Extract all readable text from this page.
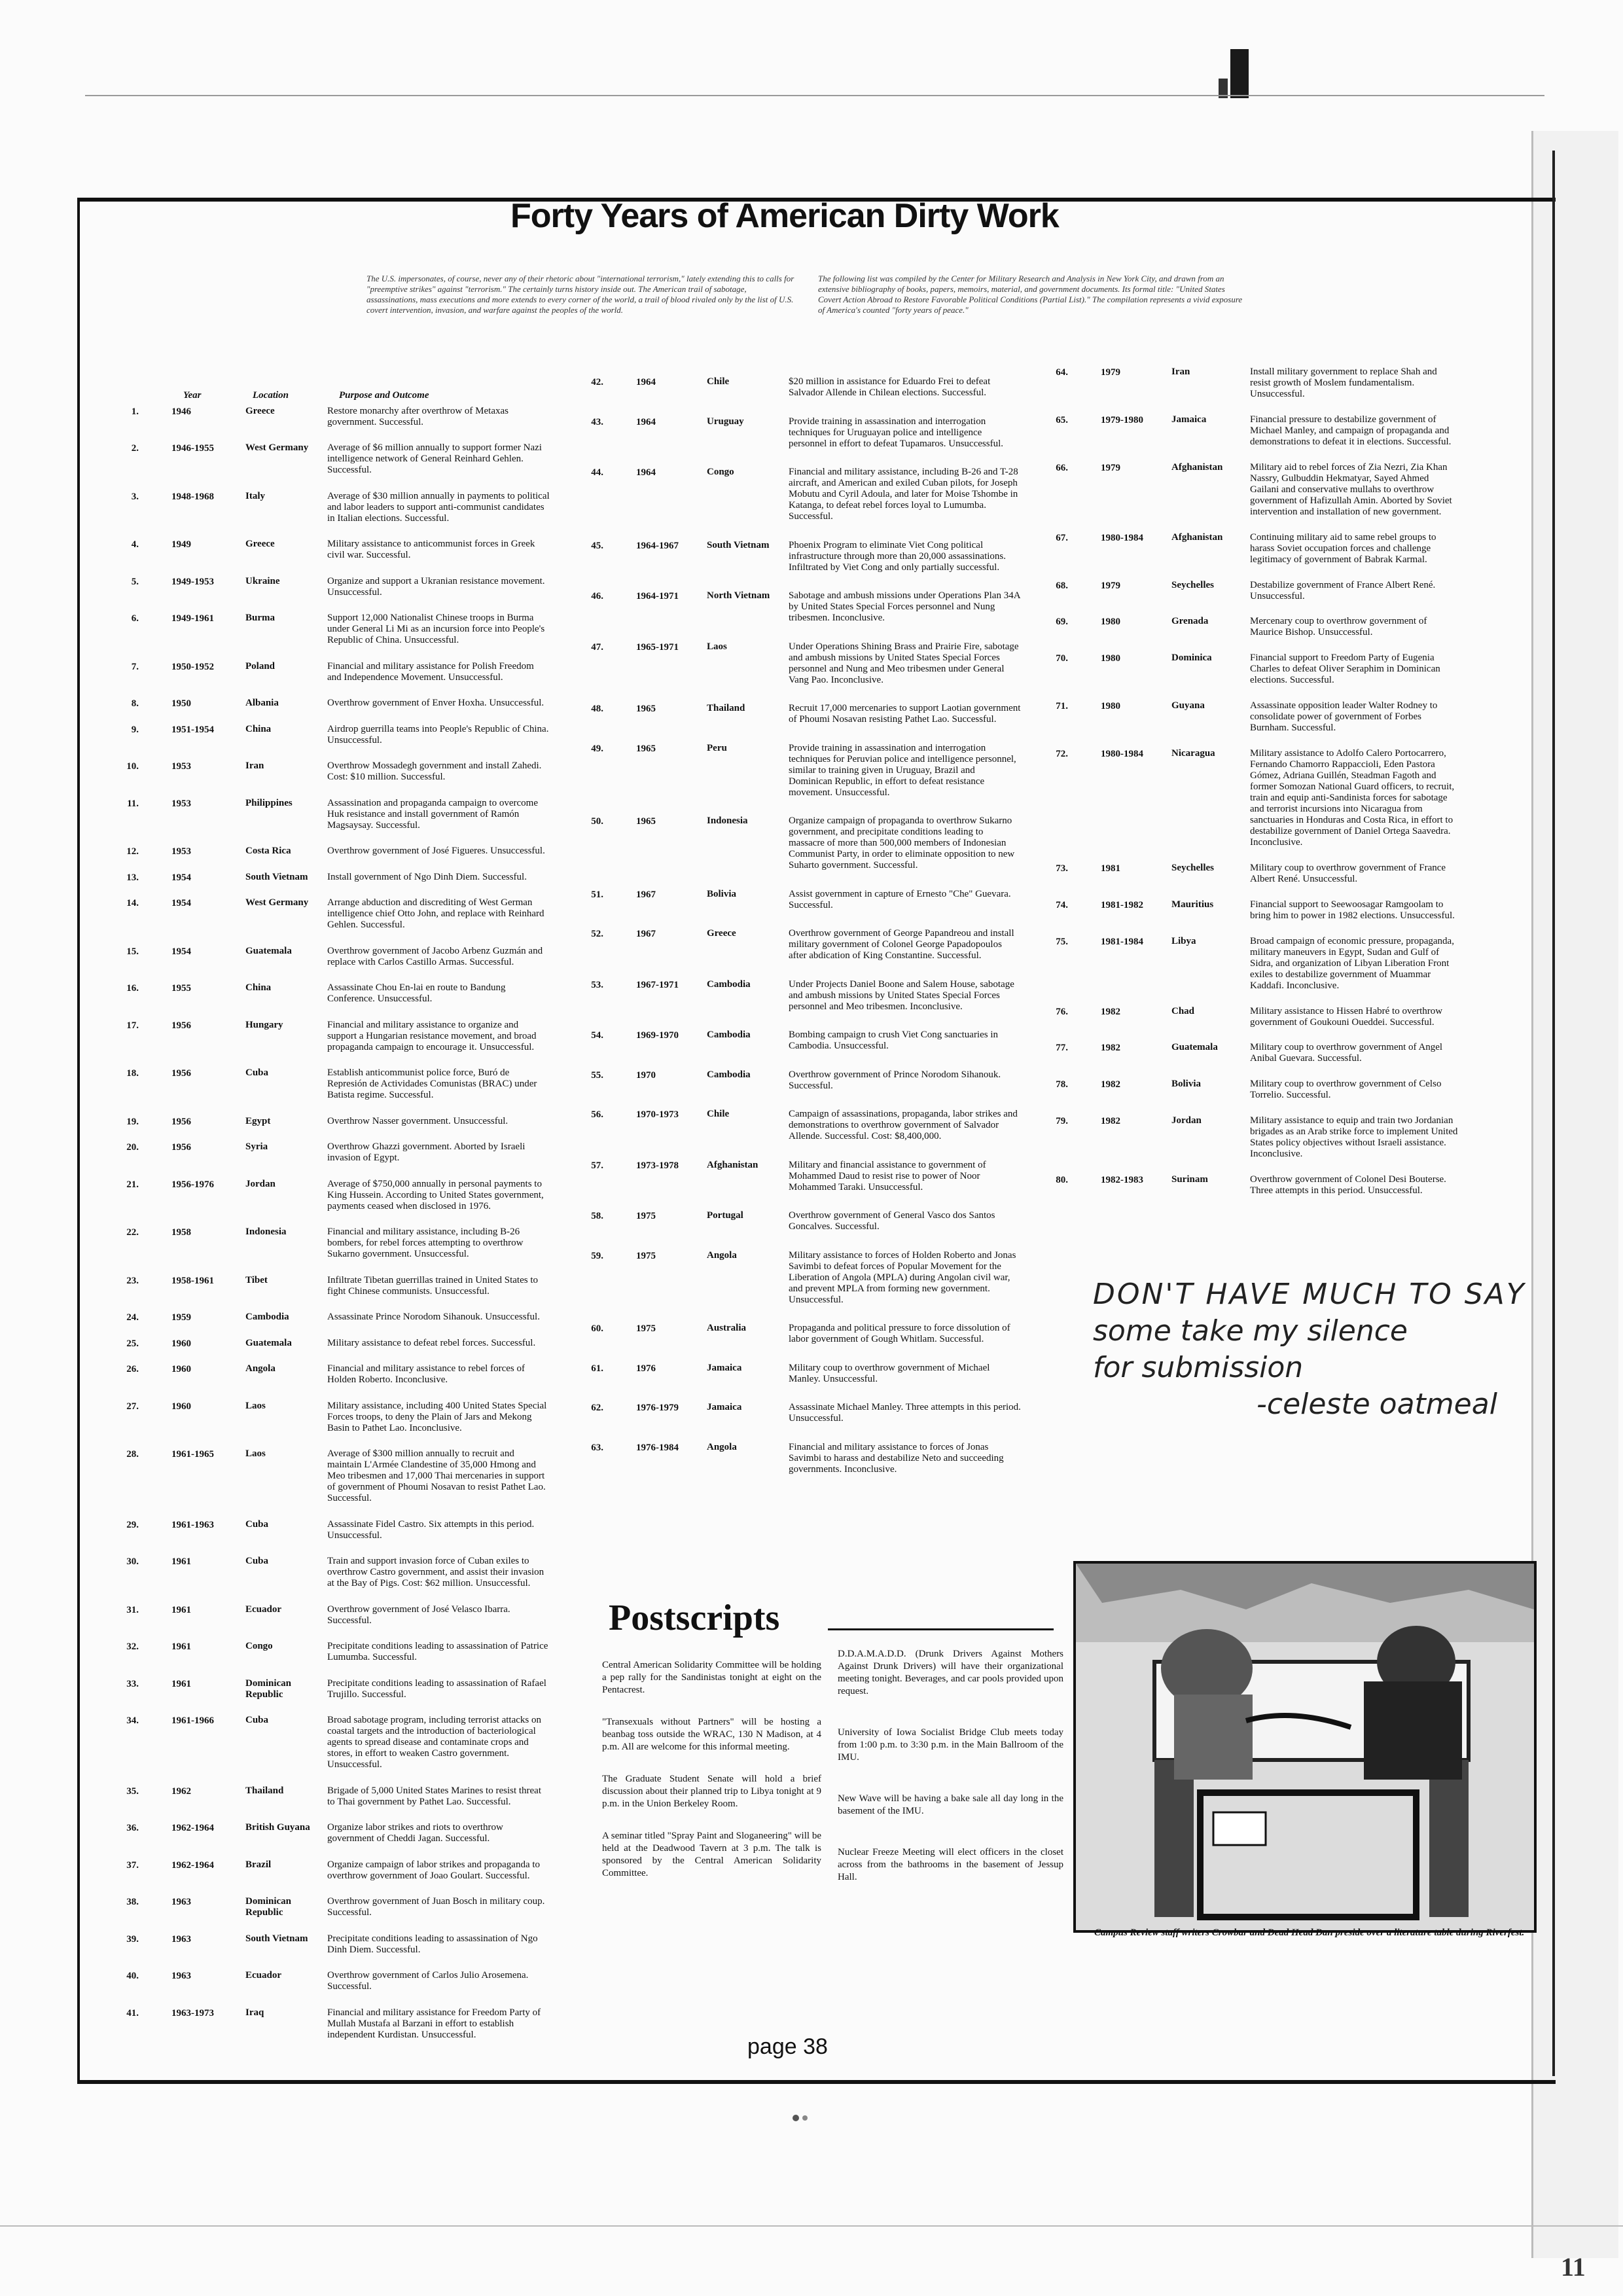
Forty Years of American Dirty Work
The U.S. impersonates, of course, never any of their rhetoric about "international terrorism," lately extending this to calls for "preemptive strikes" against "terrorism." The certainly turns history inside out. The American trail of sabotage, assassinations, mass executions and more extends to every corner of the world, a trail of blood rivaled only by the list of U.S. covert intervention, invasion, and warfare against the peoples of the world.
The following list was compiled by the Center for Military Research and Analysis in New York City, and drawn from an extensive bibliography of books, papers, memoirs, material, and government documents. Its formal title: "United States Covert Action Abroad to Restore Favorable Political Conditions (Partial List)." The compilation represents a vivid exposure of America's counted "forty years of peace."
Year	Location	Purpose and Outcome
1.	1946	Greece	Restore monarchy after overthrow of Metaxas government. Successful.
2.	1946-1955	West Germany	Average of $6 million annually to support former Nazi intelligence network of General Reinhard Gehlen. Successful.
3.	1948-1968	Italy	Average of $30 million annually in payments to political and labor leaders to support anti-communist candidates in Italian elections. Successful.
4.	1949	Greece	Military assistance to anticommunist forces in Greek civil war. Successful.
5.	1949-1953	Ukraine	Organize and support a Ukranian resistance movement. Unsuccessful.
6.	1949-1961	Burma	Support 12,000 Nationalist Chinese troops in Burma under General Li Mi as an incursion force into People's Republic of China. Unsuccessful.
7.	1950-1952	Poland	Financial and military assistance for Polish Freedom and Independence Movement. Unsuccessful.
8.	1950	Albania	Overthrow government of Enver Hoxha. Unsuccessful.
9.	1951-1954	China	Airdrop guerrilla teams into People's Republic of China. Unsuccessful.
10.	1953	Iran	Overthrow Mossadegh government and install Zahedi. Cost: $10 million. Successful.
11.	1953	Philippines	Assassination and propaganda campaign to overcome Huk resistance and install government of Ramón Magsaysay. Successful.
12.	1953	Costa Rica	Overthrow government of José Figueres. Unsuccessful.
13.	1954	South Vietnam	Install government of Ngo Dinh Diem. Successful.
14.	1954	West Germany	Arrange abduction and discrediting of West German intelligence chief Otto John, and replace with Reinhard Gehlen. Successful.
15.	1954	Guatemala	Overthrow government of Jacobo Arbenz Guzmán and replace with Carlos Castillo Armas. Successful.
16.	1955	China	Assassinate Chou En-lai en route to Bandung Conference. Unsuccessful.
17.	1956	Hungary	Financial and military assistance to organize and support a Hungarian resistance movement, and broad propaganda campaign to encourage it. Unsuccessful.
18.	1956	Cuba	Establish anticommunist police force, Buró de Represión de Actividades Comunistas (BRAC) under Batista regime. Successful.
19.	1956	Egypt	Overthrow Nasser government. Unsuccessful.
20.	1956	Syria	Overthrow Ghazzi government. Aborted by Israeli invasion of Egypt.
21.	1956-1976	Jordan	Average of $750,000 annually in personal payments to King Hussein. According to United States government, payments ceased when disclosed in 1976.
22.	1958	Indonesia	Financial and military assistance, including B-26 bombers, for rebel forces attempting to overthrow Sukarno government. Unsuccessful.
23.	1958-1961	Tibet	Infiltrate Tibetan guerrillas trained in United States to fight Chinese communists. Unsuccessful.
24.	1959	Cambodia	Assassinate Prince Norodom Sihanouk. Unsuccessful.
25.	1960	Guatemala	Military assistance to defeat rebel forces. Successful.
26.	1960	Angola	Financial and military assistance to rebel forces of Holden Roberto. Inconclusive.
27.	1960	Laos	Military assistance, including 400 United States Special Forces troops, to deny the Plain of Jars and Mekong Basin to Pathet Lao. Inconclusive.
28.	1961-1965	Laos	Average of $300 million annually to recruit and maintain L'Armée Clandestine of 35,000 Hmong and Meo tribesmen and 17,000 Thai mercenaries in support of government of Phoumi Nosavan to resist Pathet Lao. Successful.
29.	1961-1963	Cuba	Assassinate Fidel Castro. Six attempts in this period. Unsuccessful.
30.	1961	Cuba	Train and support invasion force of Cuban exiles to overthrow Castro government, and assist their invasion at the Bay of Pigs. Cost: $62 million. Unsuccessful.
31.	1961	Ecuador	Overthrow government of José Velasco Ibarra. Successful.
32.	1961	Congo	Precipitate conditions leading to assassination of Patrice Lumumba. Successful.
33.	1961	Dominican Republic
Precipitate conditions leading to assassination of Rafael Trujillo. Successful.
34.	1961-1966	Cuba	Broad sabotage program, including terrorist attacks on coastal targets and the introduction of bacteriological agents to spread disease and contaminate crops and stores, in effort to weaken Castro government. Unsuccessful.
35.	1962	Thailand	Brigade of 5,000 United States Marines to resist threat to Thai government by Pathet Lao. Successful.
36.	1962-1964	British Guyana	Organize labor strikes and riots to overthrow government of Cheddi Jagan. Successful.
37.	1962-1964	Brazil	Organize campaign of labor strikes and propaganda to overthrow government of Joao Goulart. Successful.
38.	1963	Dominican Republic
Overthrow government of Juan Bosch in military coup. Successful.
39.	1963	South Vietnam	Precipitate conditions leading to assassination of Ngo Dinh Diem. Successful.
40.	1963	Ecuador	Overthrow government of Carlos Julio Arosemena. Successful.
41.	1963-1973	Iraq	Financial and military assistance for Freedom Party of Mullah Mustafa al Barzani in effort to establish independent Kurdistan. Unsuccessful.
42.	1964	Chile	$20 million in assistance for Eduardo Frei to defeat Salvador Allende in Chilean elections. Successful.
43.	1964	Uruguay	Provide training in assassination and interrogation techniques for Uruguayan police and intelligence personnel in effort to defeat Tupamaros. Unsuccessful.
44.	1964	Congo	Financial and military assistance, including B-26 and T-28 aircraft, and American and exiled Cuban pilots, for Joseph Mobutu and Cyril Adoula, and later for Moise Tshombe in Katanga, to defeat rebel forces loyal to Lumumba. Successful.
45.	1964-1967	South Vietnam	Phoenix Program to eliminate Viet Cong political infrastructure through more than 20,000 assassinations. Infiltrated by Viet Cong and only partially successful.
46.	1964-1971	North Vietnam	Sabotage and ambush missions under Operations Plan 34A by United States Special Forces personnel and Nung tribesmen. Inconclusive.
47.	1965-1971	Laos	Under Operations Shining Brass and Prairie Fire, sabotage and ambush missions by United States Special Forces personnel and Nung and Meo tribesmen under General Vang Pao. Inconclusive.
48.	1965	Thailand	Recruit 17,000 mercenaries to support Laotian government of Phoumi Nosavan resisting Pathet Lao. Successful.
49.	1965	Peru	Provide training in assassination and interrogation techniques for Peruvian police and intelligence personnel, similar to training given in Uruguay, Brazil and Dominican Republic, in effort to defeat resistance movement. Unsuccessful.
50.	1965	Indonesia	Organize campaign of propaganda to overthrow Sukarno government, and precipitate conditions leading to massacre of more than 500,000 members of Indonesian Communist Party, in order to eliminate opposition to new Suharto government. Successful.
51.	1967	Bolivia	Assist government in capture of Ernesto "Che" Guevara. Successful.
52.	1967	Greece	Overthrow government of George Papandreou and install military government of Colonel George Papadopoulos after abdication of King Constantine. Successful.
53.	1967-1971	Cambodia	Under Projects Daniel Boone and Salem House, sabotage and ambush missions by United States Special Forces personnel and Meo tribesmen. Inconclusive.
54.	1969-1970	Cambodia	Bombing campaign to crush Viet Cong sanctuaries in Cambodia. Unsuccessful.
55.	1970	Cambodia	Overthrow government of Prince Norodom Sihanouk. Successful.
56.	1970-1973	Chile	Campaign of assassinations, propaganda, labor strikes and demonstrations to overthrow government of Salvador Allende. Successful. Cost: $8,400,000.
57.	1973-1978	Afghanistan	Military and financial assistance to government of Mohammed Daud to resist rise to power of Noor Mohammed Taraki. Unsuccessful.
58.	1975	Portugal	Overthrow government of General Vasco dos Santos Goncalves. Successful.
59.	1975	Angola	Military assistance to forces of Holden Roberto and Jonas Savimbi to defeat forces of Popular Movement for the Liberation of Angola (MPLA) during Angolan civil war, and prevent MPLA from forming new government. Unsuccessful.
60.	1975	Australia	Propaganda and political pressure to force dissolution of labor government of Gough Whitlam. Successful.
61.	1976	Jamaica	Military coup to overthrow government of Michael Manley. Unsuccessful.
62.	1976-1979	Jamaica	Assassinate Michael Manley. Three attempts in this period. Unsuccessful.
63.	1976-1984	Angola	Financial and military assistance to forces of Jonas Savimbi to harass and destabilize Neto and succeeding governments. Inconclusive.
64.	1979	Iran	Install military government to replace Shah and resist growth of Moslem fundamentalism. Unsuccessful.
65.	1979-1980	Jamaica	Financial pressure to destabilize government of Michael Manley, and campaign of propaganda and demonstrations to defeat it in elections. Successful.
66.	1979	Afghanistan	Military aid to rebel forces of Zia Nezri, Zia Khan Nassry, Gulbuddin Hekmatyar, Sayed Ahmed Gailani and conservative mullahs to overthrow government of Hafizullah Amin. Aborted by Soviet intervention and installation of new government.
67.	1980-1984	Afghanistan	Continuing military aid to same rebel groups to harass Soviet occupation forces and challenge legitimacy of government of Babrak Karmal.
68.	1979	Seychelles	Destabilize government of France Albert René. Unsuccessful.
69.	1980	Grenada	Mercenary coup to overthrow government of Maurice Bishop. Unsuccessful.
70.	1980	Dominica	Financial support to Freedom Party of Eugenia Charles to defeat Oliver Seraphim in Dominican elections. Successful.
71.	1980	Guyana	Assassinate opposition leader Walter Rodney to consolidate power of government of Forbes Burnham. Successful.
72.	1980-1984	Nicaragua	Military assistance to Adolfo Calero Portocarrero, Fernando Chamorro Rappaccioli, Eden Pastora Gómez, Adriana Guillén, Steadman Fagoth and former Somozan National Guard officers, to recruit, train and equip anti-Sandinista forces for sabotage and terrorist incursions into Nicaragua from sanctuaries in Honduras and Costa Rica, in effort to destabilize government of Daniel Ortega Saavedra. Inconclusive.
73.	1981	Seychelles	Military coup to overthrow government of France Albert René. Unsuccessful.
74.	1981-1982	Mauritius	Financial support to Seewoosagar Ramgoolam to bring him to power in 1982 elections. Unsuccessful.
75.	1981-1984	Libya	Broad campaign of economic pressure, propaganda, military maneuvers in Egypt, Sudan and Gulf of Sidra, and organization of Libyan Liberation Front exiles to destabilize government of Muammar Kaddafi. Inconclusive.
76.	1982	Chad	Military assistance to Hissen Habré to overthrow government of Goukouni Oueddei. Successful.
77.	1982	Guatemala	Military coup to overthrow government of Angel Anibal Guevara. Successful.
78.	1982	Bolivia	Military coup to overthrow government of Celso Torrelio. Successful.
79.	1982	Jordan	Military assistance to equip and train two Jordanian brigades as an Arab strike force to implement United States policy objectives without Israeli assistance. Inconclusive.
80.	1982-1983	Surinam	Overthrow government of Colonel Desi Bouterse. Three attempts in this period. Unsuccessful.
Postscripts
Central American Solidarity Committee will be holding a pep rally for the Sandinistas tonight at eight on the Pentacrest.
"Transexuals without Partners" will be hosting a beanbag toss outside the WRAC, 130 N Madison, at 4 p.m. All are welcome for this informal meeting.
The Graduate Student Senate will hold a brief discussion about their planned trip to Libya tonight at 9 p.m. in the Union Berkeley Room.
A seminar titled "Spray Paint and Sloganeering" will be held at the Deadwood Tavern at 3 p.m. The talk is sponsored by the Central American Solidarity Committee.
D.D.A.M.A.D.D. (Drunk Drivers Against Mothers Against Drunk Drivers) will have their organizational meeting tonight. Beverages, and car pools provided upon request.
University of Iowa Socialist Bridge Club meets today from 1:00 p.m. to 3:30 p.m. in the Main Ballroom of the IMU.
New Wave will be having a bake sale all day long in the basement of the IMU.
Nuclear Freeze Meeting will elect officers in the closet across from the bathrooms in the basement of Jessup Hall.
Campus Review staff writers Crowbar and Dead Head Dan preside over a literature table during Riverfest.
DON'T HAVE MUCH TO SAY
some take my silence
for submission
-celeste oatmeal
page 38
11
